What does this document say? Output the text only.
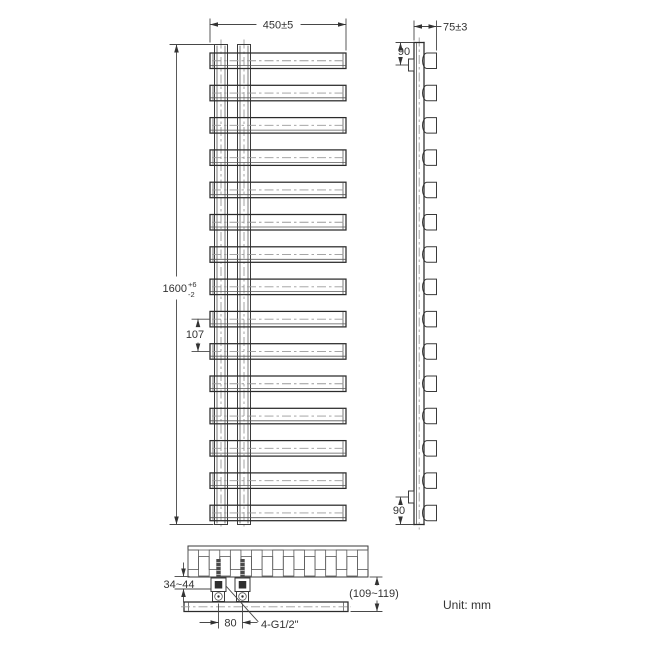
450±5
1600 +6
-2
107
75±3
90
90
34~44
80 4-G1/2"
(109~119)
Unit: mm
